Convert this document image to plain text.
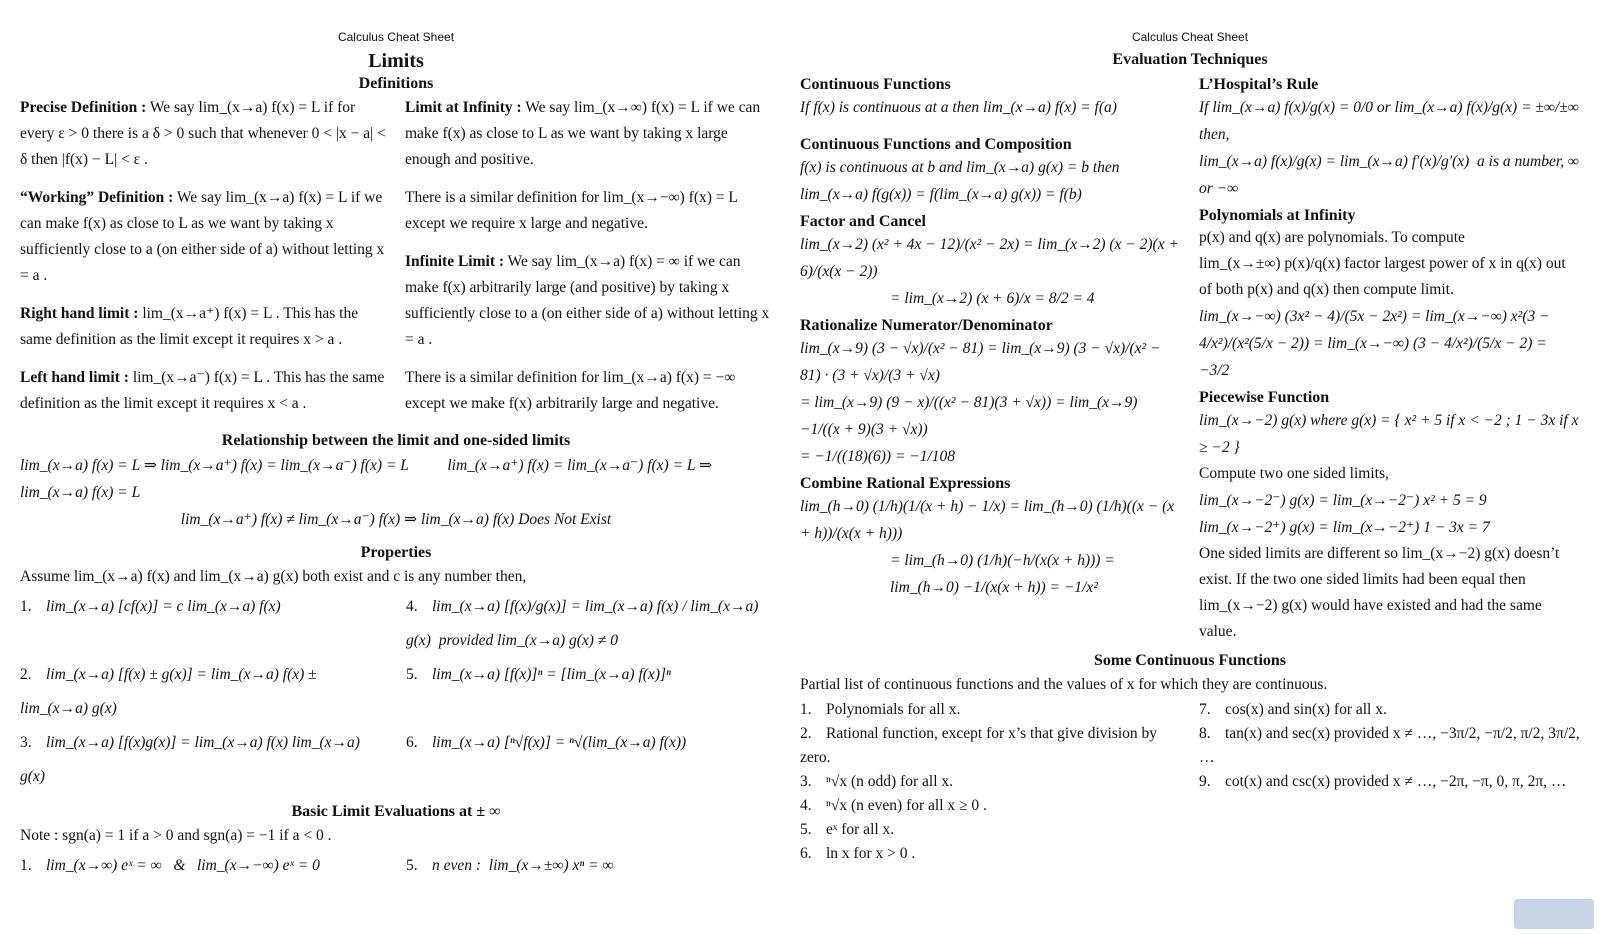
Calculus Cheat Sheet
Limits
Definitions
Precise Definition : We say lim_(x→a) f(x) = L if for every ε > 0 there is a δ > 0 such that whenever 0 < |x − a| < δ then |f(x) − L| < ε .
“Working” Definition : We say lim_(x→a) f(x) = L if we can make f(x) as close to L as we want by taking x sufficiently close to a (on either side of a) without letting x = a .
Right hand limit : lim_(x→a⁺) f(x) = L . This has the same definition as the limit except it requires x > a .
Left hand limit : lim_(x→a⁻) f(x) = L . This has the same definition as the limit except it requires x < a .
Limit at Infinity : We say lim_(x→∞) f(x) = L if we can make f(x) as close to L as we want by taking x large enough and positive.
There is a similar definition for lim_(x→−∞) f(x) = L except we require x large and negative.
Infinite Limit : We say lim_(x→a) f(x) = ∞ if we can make f(x) arbitrarily large (and positive) by taking x sufficiently close to a (on either side of a) without letting x = a .
There is a similar definition for lim_(x→a) f(x) = −∞ except we make f(x) arbitrarily large and negative.
Relationship between the limit and one-sided limits
lim_(x→a) f(x) = L ⇒ lim_(x→a⁺) f(x) = lim_(x→a⁻) f(x) = L          lim_(x→a⁺) f(x) = lim_(x→a⁻) f(x) = L ⇒ lim_(x→a) f(x) = L
lim_(x→a⁺) f(x) ≠ lim_(x→a⁻) f(x) ⇒ lim_(x→a) f(x) Does Not Exist
Properties
Assume lim_(x→a) f(x) and lim_(x→a) g(x) both exist and c is any number then,
1. lim_(x→a) [cf(x)] = c lim_(x→a) f(x)	4. lim_(x→a) [f(x)/g(x)] = lim_(x→a) f(x) / lim_(x→a) g(x)  provided lim_(x→a) g(x) ≠ 0
2. lim_(x→a) [f(x) ± g(x)] = lim_(x→a) f(x) ± lim_(x→a) g(x)
5. lim_(x→a) [f(x)]ⁿ = [lim_(x→a) f(x)]ⁿ
3. lim_(x→a) [f(x)g(x)] = lim_(x→a) f(x) lim_(x→a) g(x)
6. lim_(x→a) [ⁿ√f(x)] = ⁿ√(lim_(x→a) f(x))
Basic Limit Evaluations at ± ∞
Note : sgn(a) = 1 if a > 0 and sgn(a) = −1 if a < 0 .
1. lim_(x→∞) eˣ = ∞   &   lim_(x→−∞) eˣ = 0	5. n even :  lim_(x→±∞) xⁿ = ∞
Calculus Cheat Sheet
Evaluation Techniques
Continuous Functions
If f(x) is continuous at a then lim_(x→a) f(x) = f(a)
Continuous Functions and Composition
f(x) is continuous at b and lim_(x→a) g(x) = b then
lim_(x→a) f(g(x)) = f(lim_(x→a) g(x)) = f(b)
Factor and Cancel
lim_(x→2) (x² + 4x − 12)/(x² − 2x) = lim_(x→2) (x − 2)(x + 6)/(x(x − 2))
= lim_(x→2) (x + 6)/x = 8/2 = 4
Rationalize Numerator/Denominator
lim_(x→9) (3 − √x)/(x² − 81) = lim_(x→9) (3 − √x)/(x² − 81) · (3 + √x)/(3 + √x)
= lim_(x→9) (9 − x)/((x² − 81)(3 + √x)) = lim_(x→9) −1/((x + 9)(3 + √x))
= −1/((18)(6)) = −1/108
Combine Rational Expressions
lim_(h→0) (1/h)(1/(x + h) − 1/x) = lim_(h→0) (1/h)((x − (x + h))/(x(x + h)))
= lim_(h→0) (1/h)(−h/(x(x + h))) = lim_(h→0) −1/(x(x + h)) = −1/x²
L’Hospital’s Rule
If lim_(x→a) f(x)/g(x) = 0/0 or lim_(x→a) f(x)/g(x) = ±∞/±∞ then,
lim_(x→a) f(x)/g(x) = lim_(x→a) f′(x)/g′(x)  a is a number, ∞ or −∞
Polynomials at Infinity
p(x) and q(x) are polynomials. To compute
lim_(x→±∞) p(x)/q(x) factor largest power of x in q(x) out
of both p(x) and q(x) then compute limit.
lim_(x→−∞) (3x² − 4)/(5x − 2x²) = lim_(x→−∞) x²(3 − 4/x²)/(x²(5/x − 2)) = lim_(x→−∞) (3 − 4/x²)/(5/x − 2) = −3/2
Piecewise Function
lim_(x→−2) g(x) where g(x) = { x² + 5 if x < −2 ; 1 − 3x if x ≥ −2 }
Compute two one sided limits,
lim_(x→−2⁻) g(x) = lim_(x→−2⁻) x² + 5 = 9
lim_(x→−2⁺) g(x) = lim_(x→−2⁺) 1 − 3x = 7
One sided limits are different so lim_(x→−2) g(x) doesn’t exist. If the two one sided limits had been equal then lim_(x→−2) g(x) would have existed and had the same value.
Some Continuous Functions
Partial list of continuous functions and the values of x for which they are continuous.
1. Polynomials for all x.
2. Rational function, except for x’s that give division by zero.
3. ⁿ√x (n odd) for all x.
4. ⁿ√x (n even) for all x ≥ 0 .
5. eˣ for all x.
6. ln x for x > 0 .
7. cos(x) and sin(x) for all x.
8. tan(x) and sec(x) provided x ≠ …, −3π/2, −π/2, π/2, 3π/2, …
9. cot(x) and csc(x) provided x ≠ …, −2π, −π, 0, π, 2π, …
